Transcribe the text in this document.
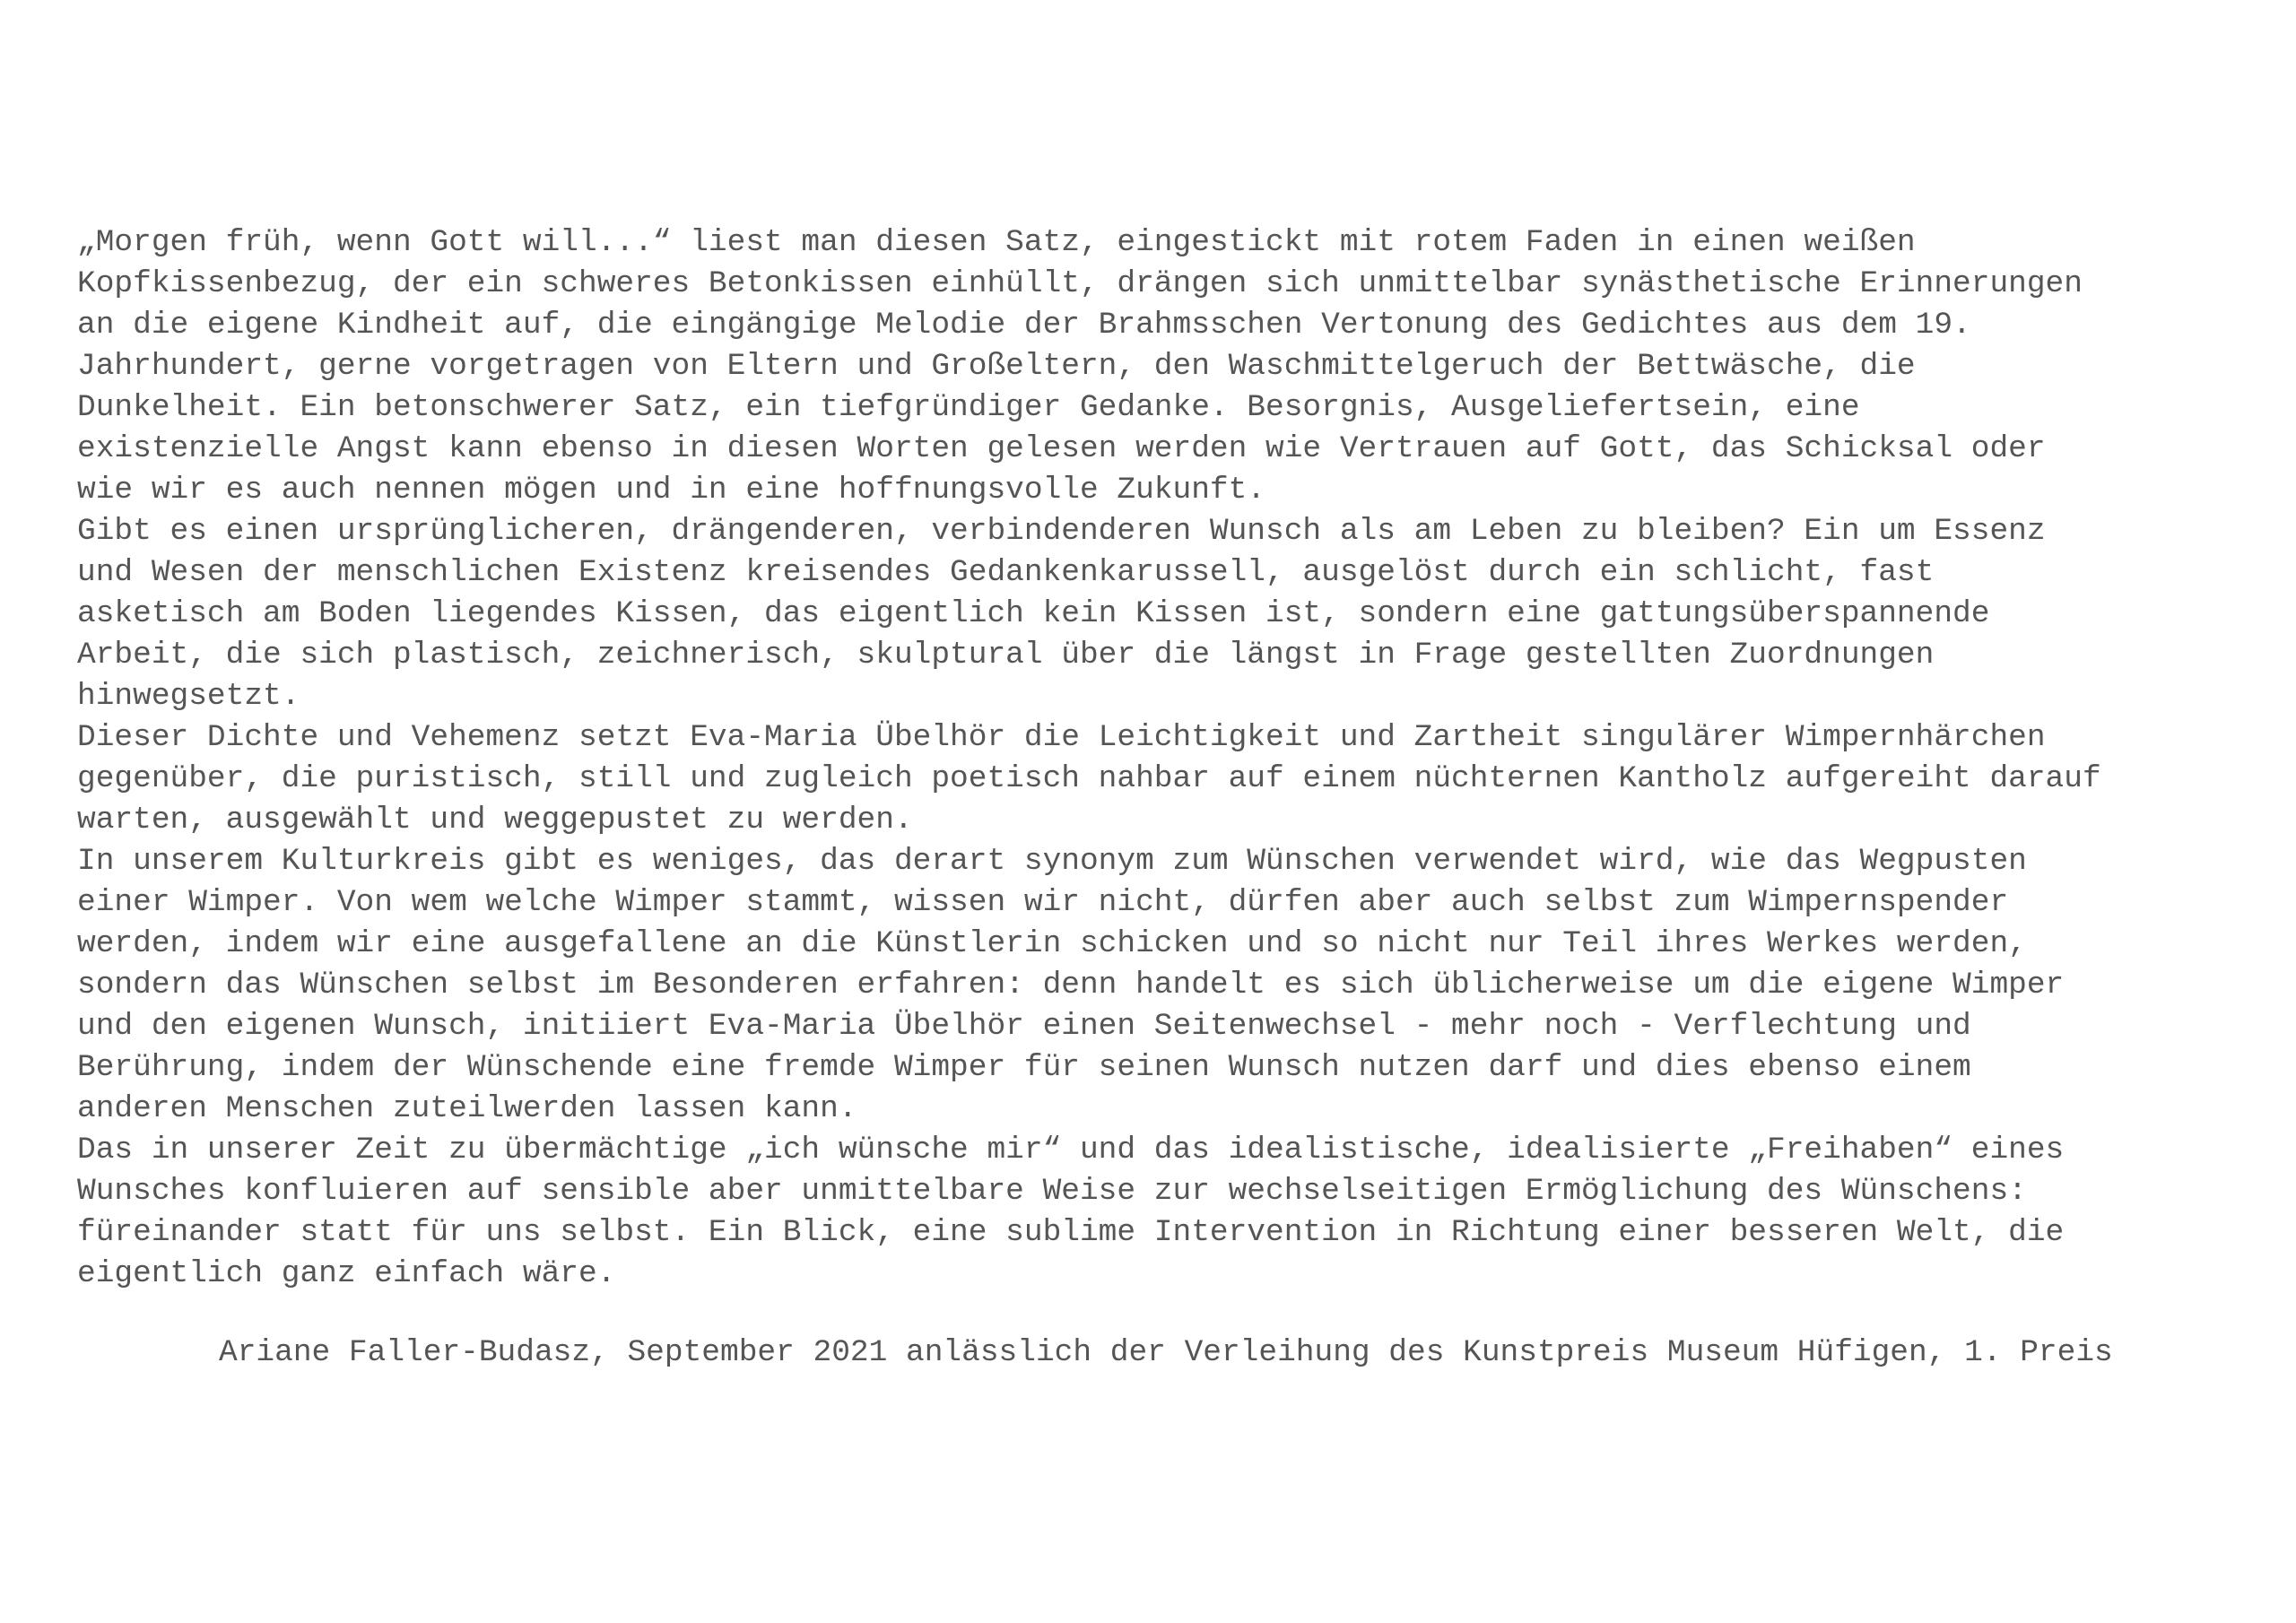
„Morgen früh, wenn Gott will...“ liest man diesen Satz, eingestickt mit rotem Faden in einen weißen
Kopfkissenbezug, der ein schweres Betonkissen einhüllt, drängen sich unmittelbar synästhetische Erinnerungen
an die eigene Kindheit auf, die eingängige Melodie der Brahmsschen Vertonung des Gedichtes aus dem 19.
Jahrhundert, gerne vorgetragen von Eltern und Großeltern, den Waschmittelgeruch der Bettwäsche, die
Dunkelheit. Ein betonschwerer Satz, ein tiefgründiger Gedanke. Besorgnis, Ausgeliefertsein, eine
existenzielle Angst kann ebenso in diesen Worten gelesen werden wie Vertrauen auf Gott, das Schicksal oder
wie wir es auch nennen mögen und in eine hoffnungsvolle Zukunft.
Gibt es einen ursprünglicheren, drängenderen, verbindenderen Wunsch als am Leben zu bleiben? Ein um Essenz
und Wesen der menschlichen Existenz kreisendes Gedankenkarussell, ausgelöst durch ein schlicht, fast
asketisch am Boden liegendes Kissen, das eigentlich kein Kissen ist, sondern eine gattungsüberspannende
Arbeit, die sich plastisch, zeichnerisch, skulptural über die längst in Frage gestellten Zuordnungen
hinwegsetzt.
Dieser Dichte und Vehemenz setzt Eva-Maria Übelhör die Leichtigkeit und Zartheit singulärer Wimpernhärchen
gegenüber, die puristisch, still und zugleich poetisch nahbar auf einem nüchternen Kantholz aufgereiht darauf
warten, ausgewählt und weggepustet zu werden.
In unserem Kulturkreis gibt es weniges, das derart synonym zum Wünschen verwendet wird, wie das Wegpusten
einer Wimper. Von wem welche Wimper stammt, wissen wir nicht, dürfen aber auch selbst zum Wimpernspender
werden, indem wir eine ausgefallene an die Künstlerin schicken und so nicht nur Teil ihres Werkes werden,
sondern das Wünschen selbst im Besonderen erfahren: denn handelt es sich üblicherweise um die eigene Wimper
und den eigenen Wunsch, initiiert Eva-Maria Übelhör einen Seitenwechsel - mehr noch - Verflechtung und
Berührung, indem der Wünschende eine fremde Wimper für seinen Wunsch nutzen darf und dies ebenso einem
anderen Menschen zuteilwerden lassen kann.
Das in unserer Zeit zu übermächtige „ich wünsche mir“ und das idealistische, idealisierte „Freihaben“ eines
Wunsches konfluieren auf sensible aber unmittelbare Weise zur wechselseitigen Ermöglichung des Wünschens:
füreinander statt für uns selbst. Ein Blick, eine sublime Intervention in Richtung einer besseren Welt, die
eigentlich ganz einfach wäre.
Ariane Faller-Budasz, September 2021 anlässlich der Verleihung des Kunstpreis Museum Hüfigen, 1. Preis
